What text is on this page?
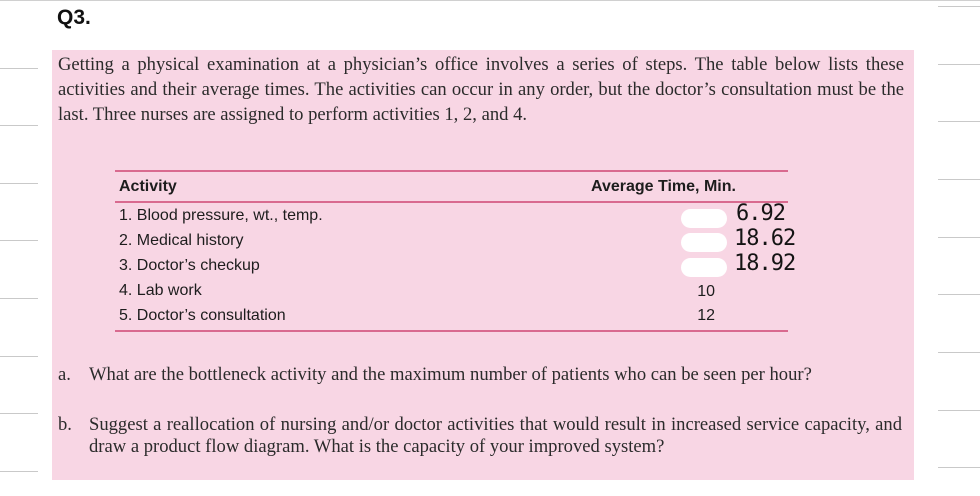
Q3.
Getting a physical examination at a physician’s office involves a series of steps. The table below lists these activities and their average times. The activities can occur in any order, but the doctor’s consultation must be the last. Three nurses are assigned to perform activities 1, 2, and 4.
Activity	Average Time, Min.
1. Blood pressure, wt., temp.	6.92
2. Medical history	18.62
3. Doctor’s checkup	18.92
4. Lab work	10
5. Doctor’s consultation	12
a. What are the bottleneck activity and the maximum number of patients who can be seen per hour?
b. Suggest a reallocation of nursing and/or doctor activities that would result in increased service capacity, and draw a product flow diagram. What is the capacity of your improved system?
